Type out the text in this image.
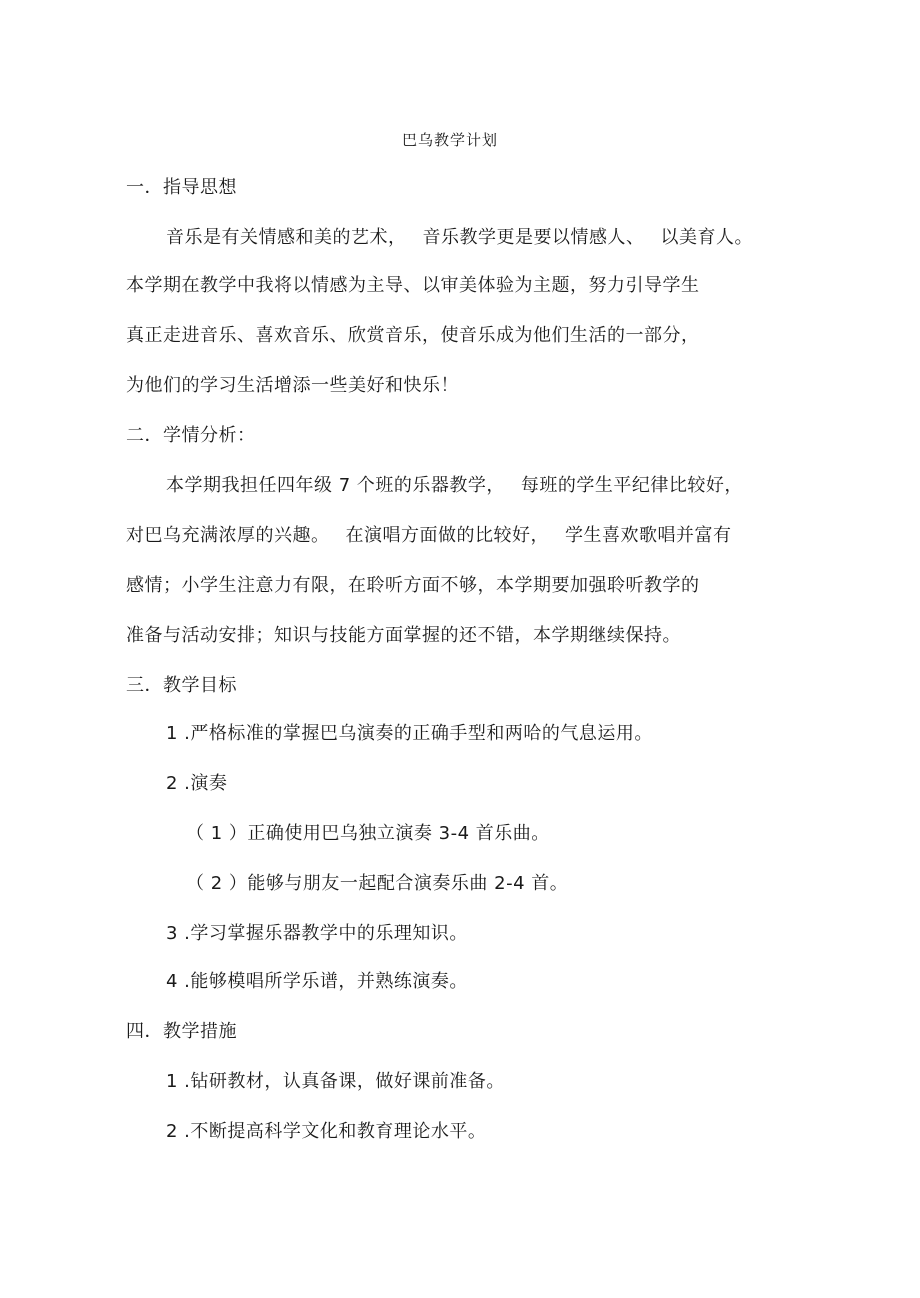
巴乌教学计划
一．指导思想
音乐是有关情感和美的艺术， 音乐教学更是要以情感人、 以美育人。
本学期在教学中我将以情感为主导、以审美体验为主题，努力引导学生
真正走进音乐、喜欢音乐、欣赏音乐，使音乐成为他们生活的一部分，
为他们的学习生活增添一些美好和快乐！
二．学情分析：
本学期我担任四年级 7 个班的乐器教学， 每班的学生平纪律比较好，
对巴乌充满浓厚的兴趣。 在演唱方面做的比较好， 学生喜欢歌唱并富有
感情；小学生注意力有限，在聆听方面不够，本学期要加强聆听教学的
准备与活动安排；知识与技能方面掌握的还不错，本学期继续保持。
三．教学目标
1 .严格标准的掌握巴乌演奏的正确手型和两哈的气息运用。
2 .演奏
（ 1 ）正确使用巴乌独立演奏 3-4 首乐曲。
（ 2 ）能够与朋友一起配合演奏乐曲 2-4 首。
3 .学习掌握乐器教学中的乐理知识。
4 .能够模唱所学乐谱，并熟练演奏。
四．教学措施
1 .钻研教材，认真备课，做好课前准备。
2 .不断提高科学文化和教育理论水平。
